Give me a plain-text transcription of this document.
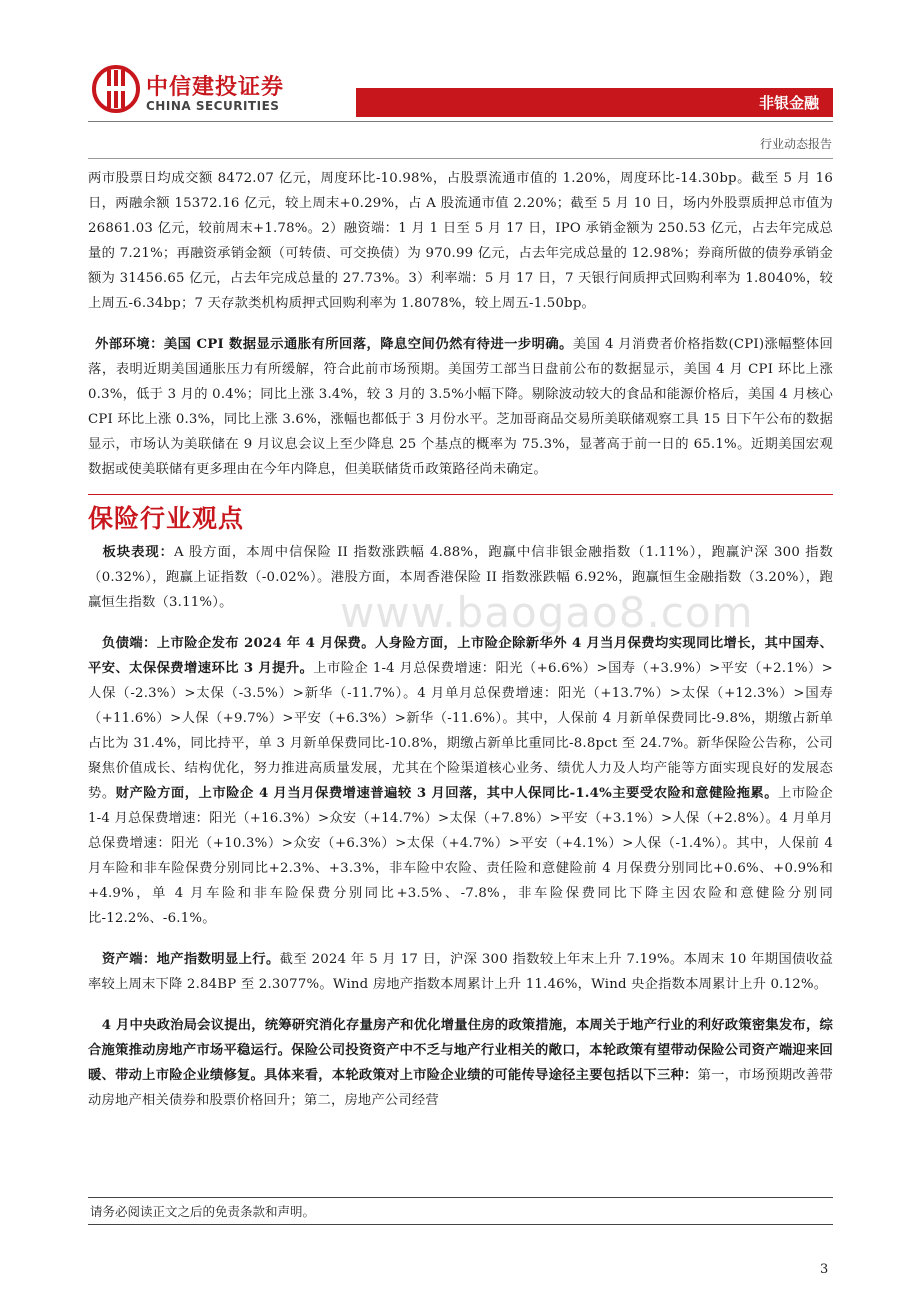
中信建投证券
CHINA SECURITIES	非银金融
行业动态报告

两市股票日均成交额 8472.07 亿元，周度环比-10.98%，占股票流通市值的 1.20%，周度环比-14.30bp。截至 5 月 16 日，两融余额 15372.16 亿元，较上周末+0.29%，占 A 股流通市值 2.20%；截至 5 月 10 日，场内外股票质押总市值为 26861.03 亿元，较前周末+1.78%。2）融资端：1 月 1 日至 5 月 17 日，IPO 承销金额为 250.53 亿元，占去年完成总量的 7.21%；再融资承销金额（可转债、可交换债）为 970.99 亿元，占去年完成总量的 12.98%；券商所做的债券承销金额为 31456.65 亿元，占去年完成总量的 27.73%。3）利率端：5 月 17 日，7 天银行间质押式回购利率为 1.8040%，较上周五-6.34bp；7 天存款类机构质押式回购利率为 1.8078%，较上周五-1.50bp。

 外部环境：美国 CPI 数据显示通胀有所回落，降息空间仍然有待进一步明确。美国 4 月消费者价格指数(CPI)涨幅整体回落，表明近期美国通胀压力有所缓解，符合此前市场预期。美国劳工部当日盘前公布的数据显示，美国 4 月 CPI 环比上涨 0.3%，低于 3 月的 0.4%；同比上涨 3.4%，较 3 月的 3.5%小幅下降。剔除波动较大的食品和能源价格后，美国 4 月核心 CPI 环比上涨 0.3%，同比上涨 3.6%，涨幅也都低于 3 月份水平。芝加哥商品交易所美联储观察工具 15 日下午公布的数据显示，市场认为美联储在 9 月议息会议上至少降息 25 个基点的概率为 75.3%，显著高于前一日的 65.1%。近期美国宏观数据或使美联储有更多理由在今年内降息，但美联储货币政策路径尚未确定。

保险行业观点

  板块表现：A 股方面，本周中信保险 II 指数涨跌幅 4.88%，跑赢中信非银金融指数（1.11%），跑赢沪深 300 指数（0.32%），跑赢上证指数（-0.02%）。港股方面，本周香港保险 II 指数涨跌幅 6.92%，跑赢恒生金融指数（3.20%），跑赢恒生指数（3.11%）。

  负债端：上市险企发布 2024 年 4 月保费。人身险方面，上市险企除新华外 4 月当月保费均实现同比增长，其中国寿、平安、太保保费增速环比 3 月提升。上市险企 1-4 月总保费增速：阳光（+6.6%）>国寿（+3.9%）>平安（+2.1%）>人保（-2.3%）>太保（-3.5%）>新华（-11.7%）。4 月单月总保费增速：阳光（+13.7%）>太保（+12.3%）>国寿（+11.6%）>人保（+9.7%）>平安（+6.3%）>新华（-11.6%）。其中，人保前 4 月新单保费同比-9.8%，期缴占新单占比为 31.4%，同比持平，单 3 月新单保费同比-10.8%，期缴占新单比重同比-8.8pct 至 24.7%。新华保险公告称，公司聚焦价值成长、结构优化，努力推进高质量发展，尤其在个险渠道核心业务、绩优人力及人均产能等方面实现良好的发展态势。财产险方面，上市险企 4 月当月保费增速普遍较 3 月回落，其中人保同比-1.4%主要受农险和意健险拖累。上市险企 1-4 月总保费增速：阳光（+16.3%）>众安（+14.7%）>太保（+7.8%）>平安（+3.1%）>人保（+2.8%）。4 月单月总保费增速：阳光（+10.3%）>众安（+6.3%）>太保（+4.7%）>平安（+4.1%）>人保（-1.4%）。其中，人保前 4 月车险和非车险保费分别同比+2.3%、+3.3%，非车险中农险、责任险和意健险前 4 月保费分别同比+0.6%、+0.9%和+4.9%，单 4 月车险和非车险保费分别同比+3.5%、-7.8%，非车险保费同比下降主因农险和意健险分别同比-12.2%、-6.1%。

  资产端：地产指数明显上行。截至 2024 年 5 月 17 日，沪深 300 指数较上年末上升 7.19%。本周末 10 年期国债收益率较上周末下降 2.84BP 至 2.3077%。Wind 房地产指数本周累计上升 11.46%，Wind 央企指数本周累计上升 0.12%。

  4 月中央政治局会议提出，统筹研究消化存量房产和优化增量住房的政策措施，本周关于地产行业的利好政策密集发布，综合施策推动房地产市场平稳运行。保险公司投资资产中不乏与地产行业相关的敞口，本轮政策有望带动保险公司资产端迎来回暖、带动上市险企业绩修复。具体来看，本轮政策对上市险企业绩的可能传导途径主要包括以下三种：第一，市场预期改善带动房地产相关债券和股票价格回升；第二，房地产公司经营

www.baogao8.com
请务必阅读正文之后的免责条款和声明。
3
